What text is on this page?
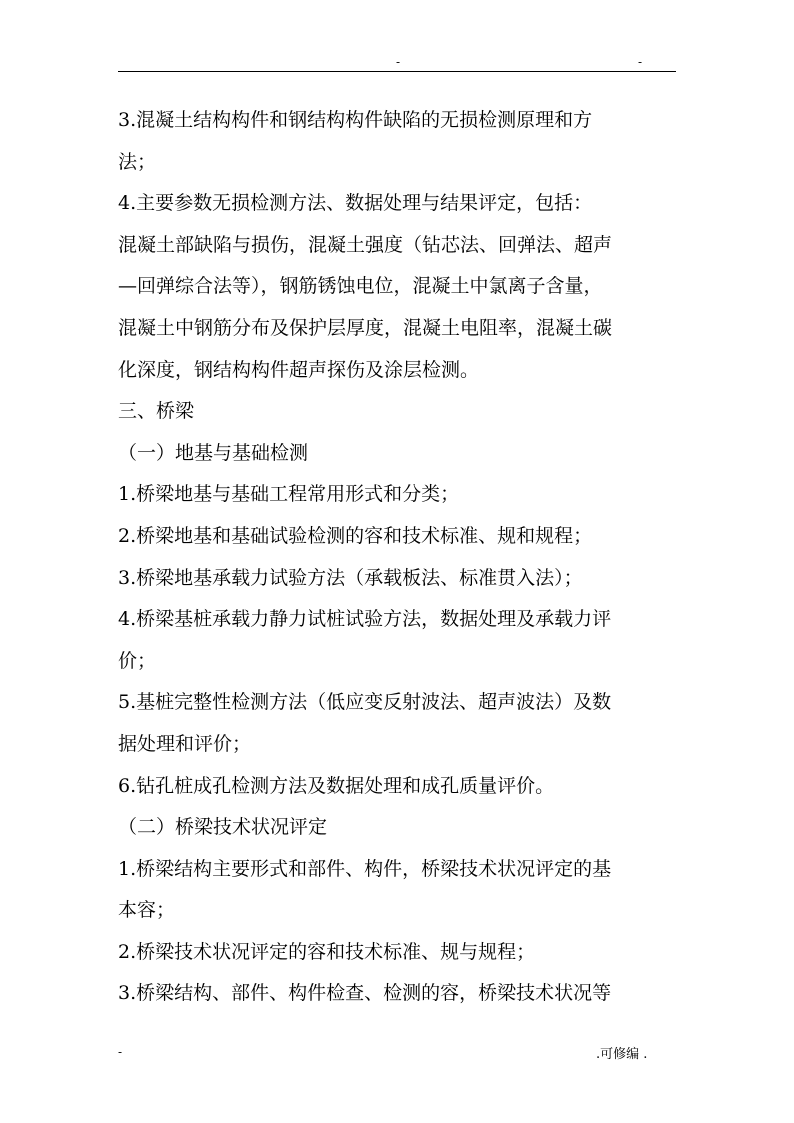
-	-
3.混凝土结构构件和钢结构构件缺陷的无损检测原理和方
法；
4.主要参数无损检测方法、数据处理与结果评定，包括：
混凝土部缺陷与损伤，混凝土强度（钻芯法、回弹法、超声
—回弹综合法等），钢筋锈蚀电位，混凝土中氯离子含量，
混凝土中钢筋分布及保护层厚度，混凝土电阻率，混凝土碳
化深度，钢结构构件超声探伤及涂层检测。
三、桥梁
（一）地基与基础检测
1.桥梁地基与基础工程常用形式和分类；
2.桥梁地基和基础试验检测的容和技术标准、规和规程；
3.桥梁地基承载力试验方法（承载板法、标准贯入法）；
4.桥梁基桩承载力静力试桩试验方法，数据处理及承载力评
价；
5.基桩完整性检测方法（低应变反射波法、超声波法）及数
据处理和评价；
6.钻孔桩成孔检测方法及数据处理和成孔质量评价。
（二）桥梁技术状况评定
1.桥梁结构主要形式和部件、构件，桥梁技术状况评定的基
本容；
2.桥梁技术状况评定的容和技术标准、规与规程；
3.桥梁结构、部件、构件检查、检测的容，桥梁技术状况等
-	.可修编 .
